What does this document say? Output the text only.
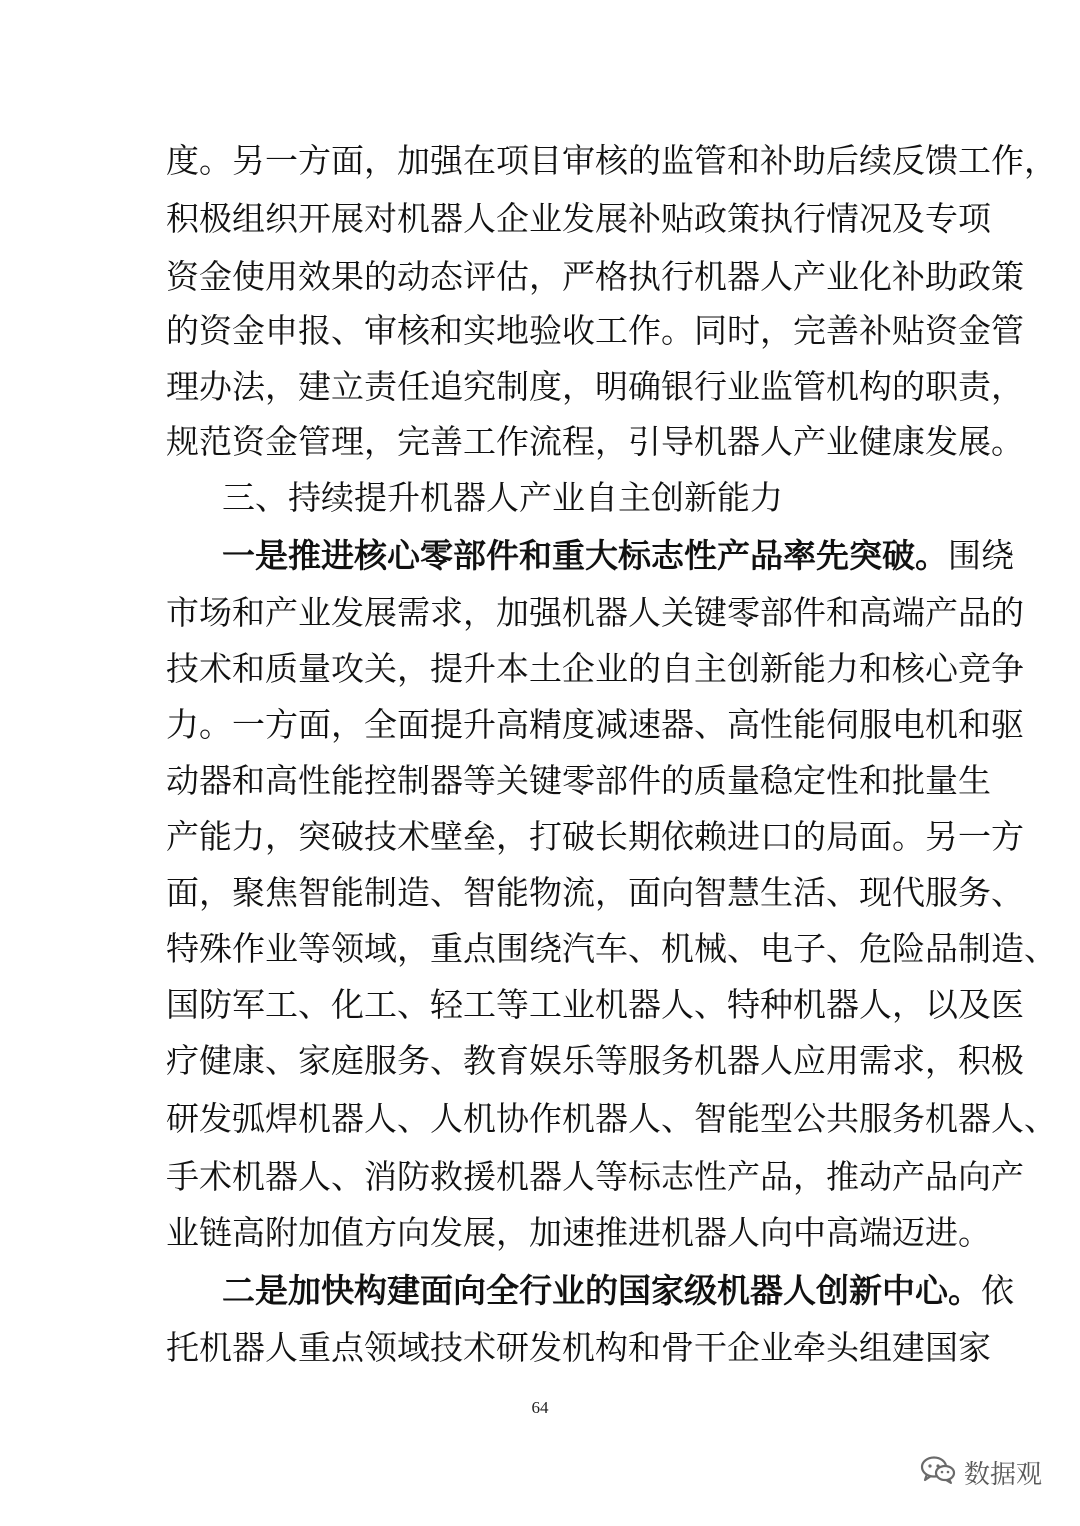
度。另一方面，加强在项目审核的监管和补助后续反馈工作，
积极组织开展对机器人企业发展补贴政策执行情况及专项
资金使用效果的动态评估，严格执行机器人产业化补助政策
的资金申报、审核和实地验收工作。同时，完善补贴资金管
理办法，建立责任追究制度，明确银行业监管机构的职责，
规范资金管理，完善工作流程，引导机器人产业健康发展。
三、持续提升机器人产业自主创新能力
一是推进核心零部件和重大标志性产品率先突破。围绕
市场和产业发展需求，加强机器人关键零部件和高端产品的
技术和质量攻关，提升本土企业的自主创新能力和核心竞争
力。一方面，全面提升高精度减速器、高性能伺服电机和驱
动器和高性能控制器等关键零部件的质量稳定性和批量生
产能力，突破技术壁垒，打破长期依赖进口的局面。另一方
面，聚焦智能制造、智能物流，面向智慧生活、现代服务、
特殊作业等领域，重点围绕汽车、机械、电子、危险品制造、
国防军工、化工、轻工等工业机器人、特种机器人，以及医
疗健康、家庭服务、教育娱乐等服务机器人应用需求，积极
研发弧焊机器人、人机协作机器人、智能型公共服务机器人、
手术机器人、消防救援机器人等标志性产品，推动产品向产
业链高附加值方向发展，加速推进机器人向中高端迈进。
二是加快构建面向全行业的国家级机器人创新中心。依
托机器人重点领域技术研发机构和骨干企业牵头组建国家
64
数据观
